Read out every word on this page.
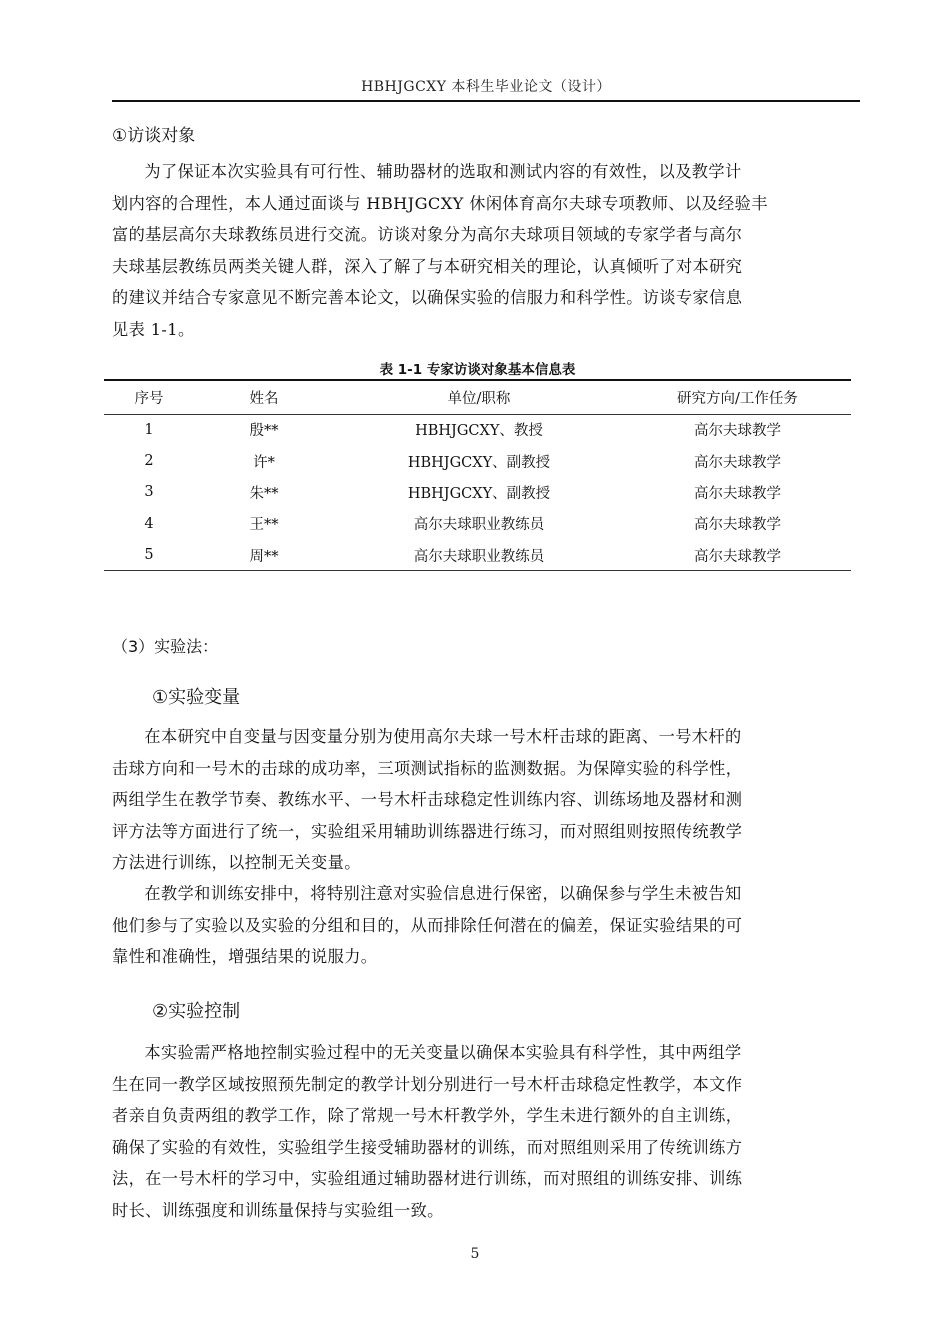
HBHJGCXY 本科生毕业论文（设计）
①访谈对象
为了保证本次实验具有可行性、辅助器材的选取和测试内容的有效性，以及教学计
划内容的合理性，本人通过面谈与 HBHJGCXY 休闲体育高尔夫球专项教师、以及经验丰
富的基层高尔夫球教练员进行交流。访谈对象分为高尔夫球项目领域的专家学者与高尔
夫球基层教练员两类关键人群，深入了解了与本研究相关的理论，认真倾听了对本研究
的建议并结合专家意见不断完善本论文，以确保实验的信服力和科学性。访谈专家信息
见表 1-1。
表 1-1 专家访谈对象基本信息表
序号	姓名	单位/职称	研究方向/工作任务
1	殷**	HBHJGCXY、教授	高尔夫球教学
2	许*	HBHJGCXY、副教授	高尔夫球教学
3	朱**	HBHJGCXY、副教授	高尔夫球教学
4	王**	高尔夫球职业教练员	高尔夫球教学
5	周**	高尔夫球职业教练员	高尔夫球教学
（3）实验法：
①实验变量
在本研究中自变量与因变量分别为使用高尔夫球一号木杆击球的距离、一号木杆的
击球方向和一号木的击球的成功率，三项测试指标的监测数据。为保障实验的科学性，
两组学生在教学节奏、教练水平、一号木杆击球稳定性训练内容、训练场地及器材和测
评方法等方面进行了统一，实验组采用辅助训练器进行练习，而对照组则按照传统教学
方法进行训练，以控制无关变量。
在教学和训练安排中，将特别注意对实验信息进行保密，以确保参与学生未被告知
他们参与了实验以及实验的分组和目的，从而排除任何潜在的偏差，保证实验结果的可
靠性和准确性，增强结果的说服力。
②实验控制
本实验需严格地控制实验过程中的无关变量以确保本实验具有科学性，其中两组学
生在同一教学区域按照预先制定的教学计划分别进行一号木杆击球稳定性教学，本文作
者亲自负责两组的教学工作，除了常规一号木杆教学外，学生未进行额外的自主训练，
确保了实验的有效性，实验组学生接受辅助器材的训练，而对照组则采用了传统训练方
法，在一号木杆的学习中，实验组通过辅助器材进行训练，而对照组的训练安排、训练
时长、训练强度和训练量保持与实验组一致。
5
